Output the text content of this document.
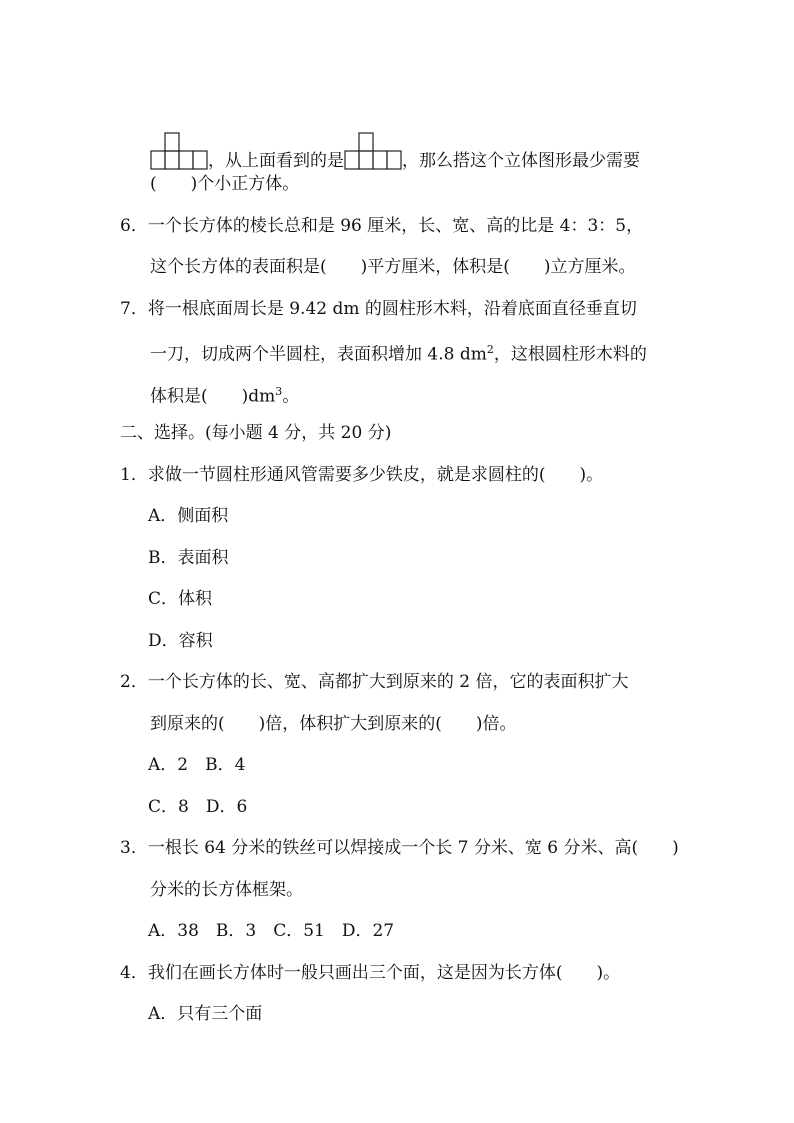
，从上面看到的是	，那么搭这个立体图形最少需要
(　　)个小正方体。
6．一个长方体的棱长总和是 96 厘米，长、宽、高的比是 4：3：5，
这个长方体的表面积是(　　)平方厘米，体积是(　　)立方厘米。
7．将一根底面周长是 9.42 dm 的圆柱形木料，沿着底面直径垂直切
一刀，切成两个半圆柱，表面积增加 4.8 $dm^2$，这根圆柱形木料的
体积是(　　)$dm^3$。
二、选择。(每小题 4 分，共 20 分)
1．求做一节圆柱形通风管需要多少铁皮，就是求圆柱的(　　)。
A．侧面积
B．表面积
C．体积
D．容积
2．一个长方体的长、宽、高都扩大到原来的 2 倍，它的表面积扩大
到原来的(　　)倍，体积扩大到原来的(　　)倍。
A．2　B．4
C．8　D．6
3．一根长 64 分米的铁丝可以焊接成一个长 7 分米、宽 6 分米、高(　　)
分米的长方体框架。
A．38　B．3　C．51　D．27
4．我们在画长方体时一般只画出三个面，这是因为长方体(　　)。
A．只有三个面
